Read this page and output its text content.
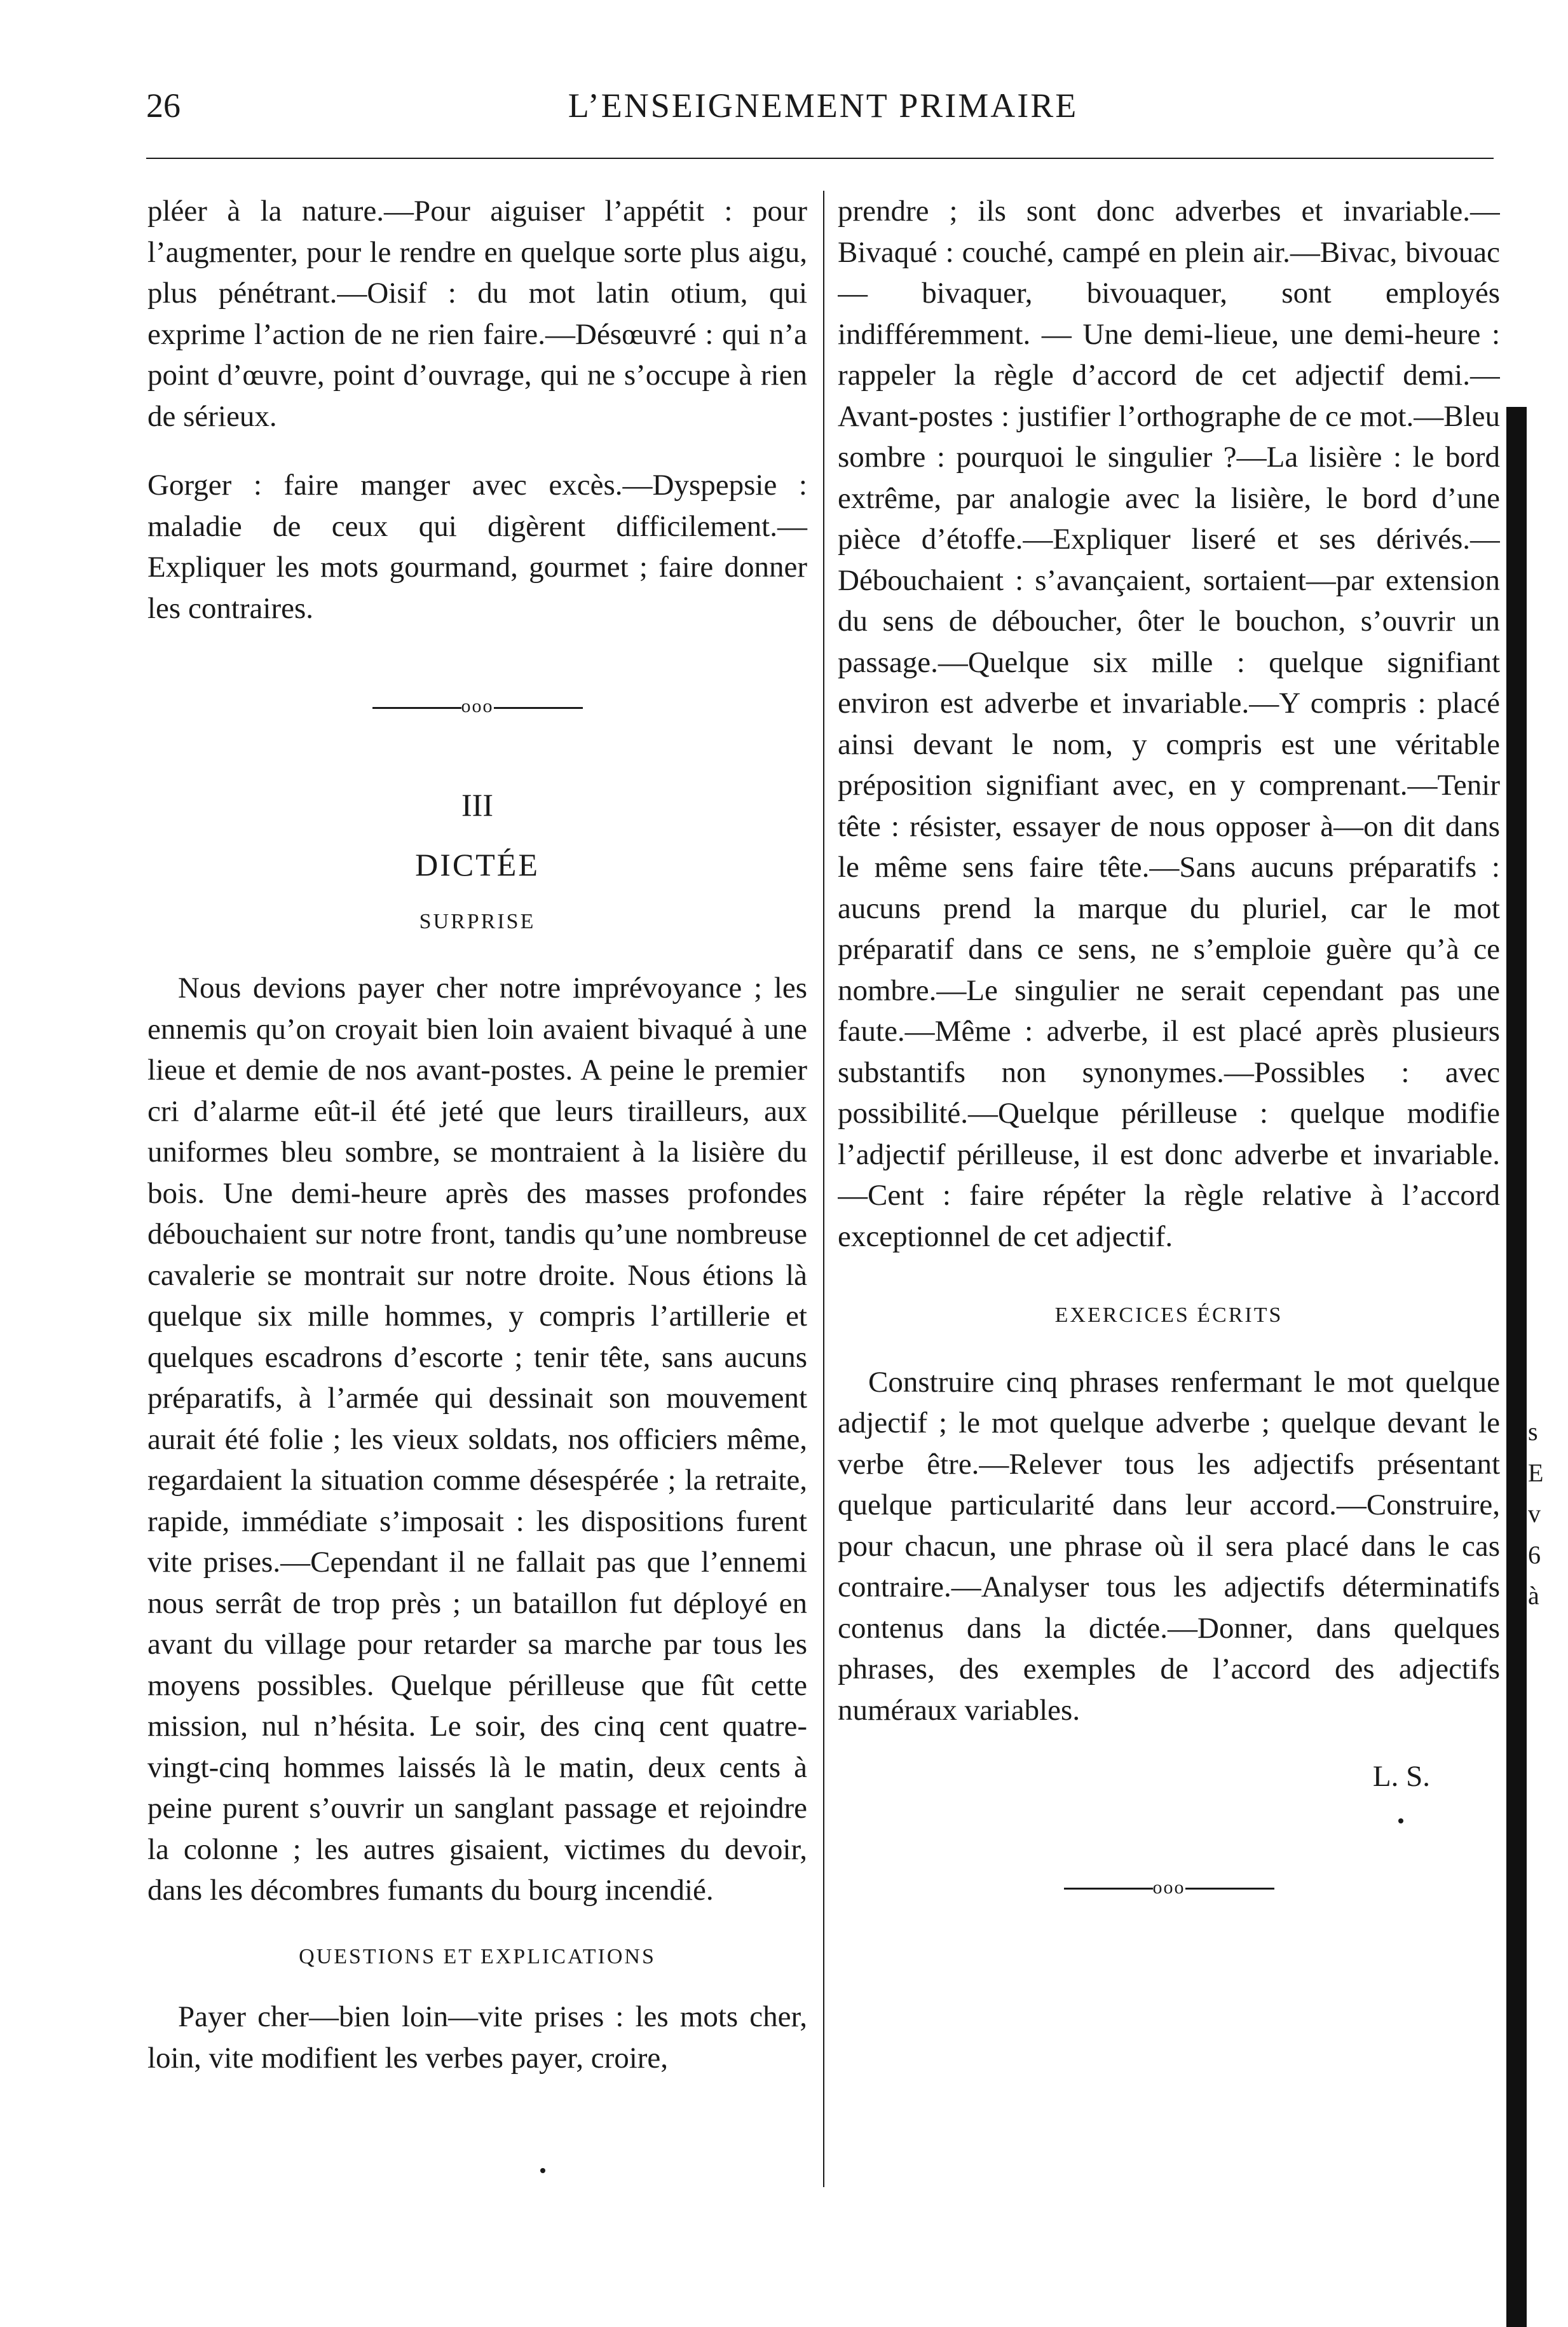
26	L’ENSEIGNEMENT PRIMAIRE

pléer à la nature.—Pour aiguiser l’appétit : pour l’augmenter, pour le rendre en quelque sorte plus aigu, plus pénétrant.—Oisif : du mot latin otium, qui exprime l’action de ne rien faire.—Désœuvré : qui n’a point d’œuvre, point d’ouvrage, qui ne s’occupe à rien de sérieux.

Gorger : faire manger avec excès.—Dyspepsie : maladie de ceux qui digèrent difficilement.—Expliquer les mots gourmand, gourmet ; faire donner les contraires.

ooo
III
DICTÉE
SURPRISE

Nous devions payer cher notre imprévoyance ; les ennemis qu’on croyait bien loin avaient bivaqué à une lieue et demie de nos avant-postes. A peine le premier cri d’alarme eût-il été jeté que leurs tirailleurs, aux uniformes bleu sombre, se montraient à la lisière du bois. Une demi-heure après des masses profondes débouchaient sur notre front, tandis qu’une nombreuse cavalerie se montrait sur notre droite. Nous étions là quelque six mille hommes, y compris l’artillerie et quelques escadrons d’escorte ; tenir tête, sans aucuns préparatifs, à l’armée qui dessinait son mouvement aurait été folie ; les vieux soldats, nos officiers même, regardaient la situation comme désespérée ; la retraite, rapide, immédiate s’imposait : les dispositions furent vite prises.—Cependant il ne fallait pas que l’ennemi nous serrât de trop près ; un bataillon fut déployé en avant du village pour retarder sa marche par tous les moyens possibles. Quelque périlleuse que fût cette mission, nul n’hésita. Le soir, des cinq cent quatre-vingt-cinq hommes laissés là le matin, deux cents à peine purent s’ouvrir un sanglant passage et rejoindre la colonne ; les autres gisaient, victimes du devoir, dans les décombres fumants du bourg incendié.

QUESTIONS ET EXPLICATIONS

Payer cher—bien loin—vite prises : les mots cher, loin, vite modifient les verbes payer, croire,

prendre ; ils sont donc adverbes et invariable.—Bivaqué : couché, campé en plein air.—Bivac, bivouac — bivaquer, bivouaquer, sont employés indifféremment. — Une demi-lieue, une demi-heure : rappeler la règle d’accord de cet adjectif demi.—Avant-postes : justifier l’orthographe de ce mot.—Bleu sombre : pourquoi le singulier ?—La lisière : le bord extrême, par analogie avec la lisière, le bord d’une pièce d’étoffe.—Expliquer liseré et ses dérivés.—Débouchaient : s’avançaient, sortaient—par extension du sens de déboucher, ôter le bouchon, s’ouvrir un passage.—Quelque six mille : quelque signifiant environ est adverbe et invariable.—Y compris : placé ainsi devant le nom, y compris est une véritable préposition signifiant avec, en y comprenant.—Tenir tête : résister, essayer de nous opposer à—on dit dans le même sens faire tête.—Sans aucuns préparatifs : aucuns prend la marque du pluriel, car le mot préparatif dans ce sens, ne s’emploie guère qu’à ce nombre.—Le singulier ne serait cependant pas une faute.—Même : adverbe, il est placé après plusieurs substantifs non synonymes.—Possibles : avec possibilité.—Quelque périlleuse : quelque modifie l’adjectif périlleuse, il est donc adverbe et invariable.—Cent : faire répéter la règle relative à l’accord exceptionnel de cet adjectif.

EXERCICES ÉCRITS

Construire cinq phrases renfermant le mot quelque adjectif ; le mot quelque adverbe ; quelque devant le verbe être.—Relever tous les adjectifs présentant quelque particularité dans leur accord.—Construire, pour chacun, une phrase où il sera placé dans le cas contraire.—Analyser tous les adjectifs déterminatifs contenus dans la dictée.—Donner, dans quelques phrases, des exemples de l’accord des adjectifs numéraux variables.

L. S.
ooo
s
E
v
6
à
